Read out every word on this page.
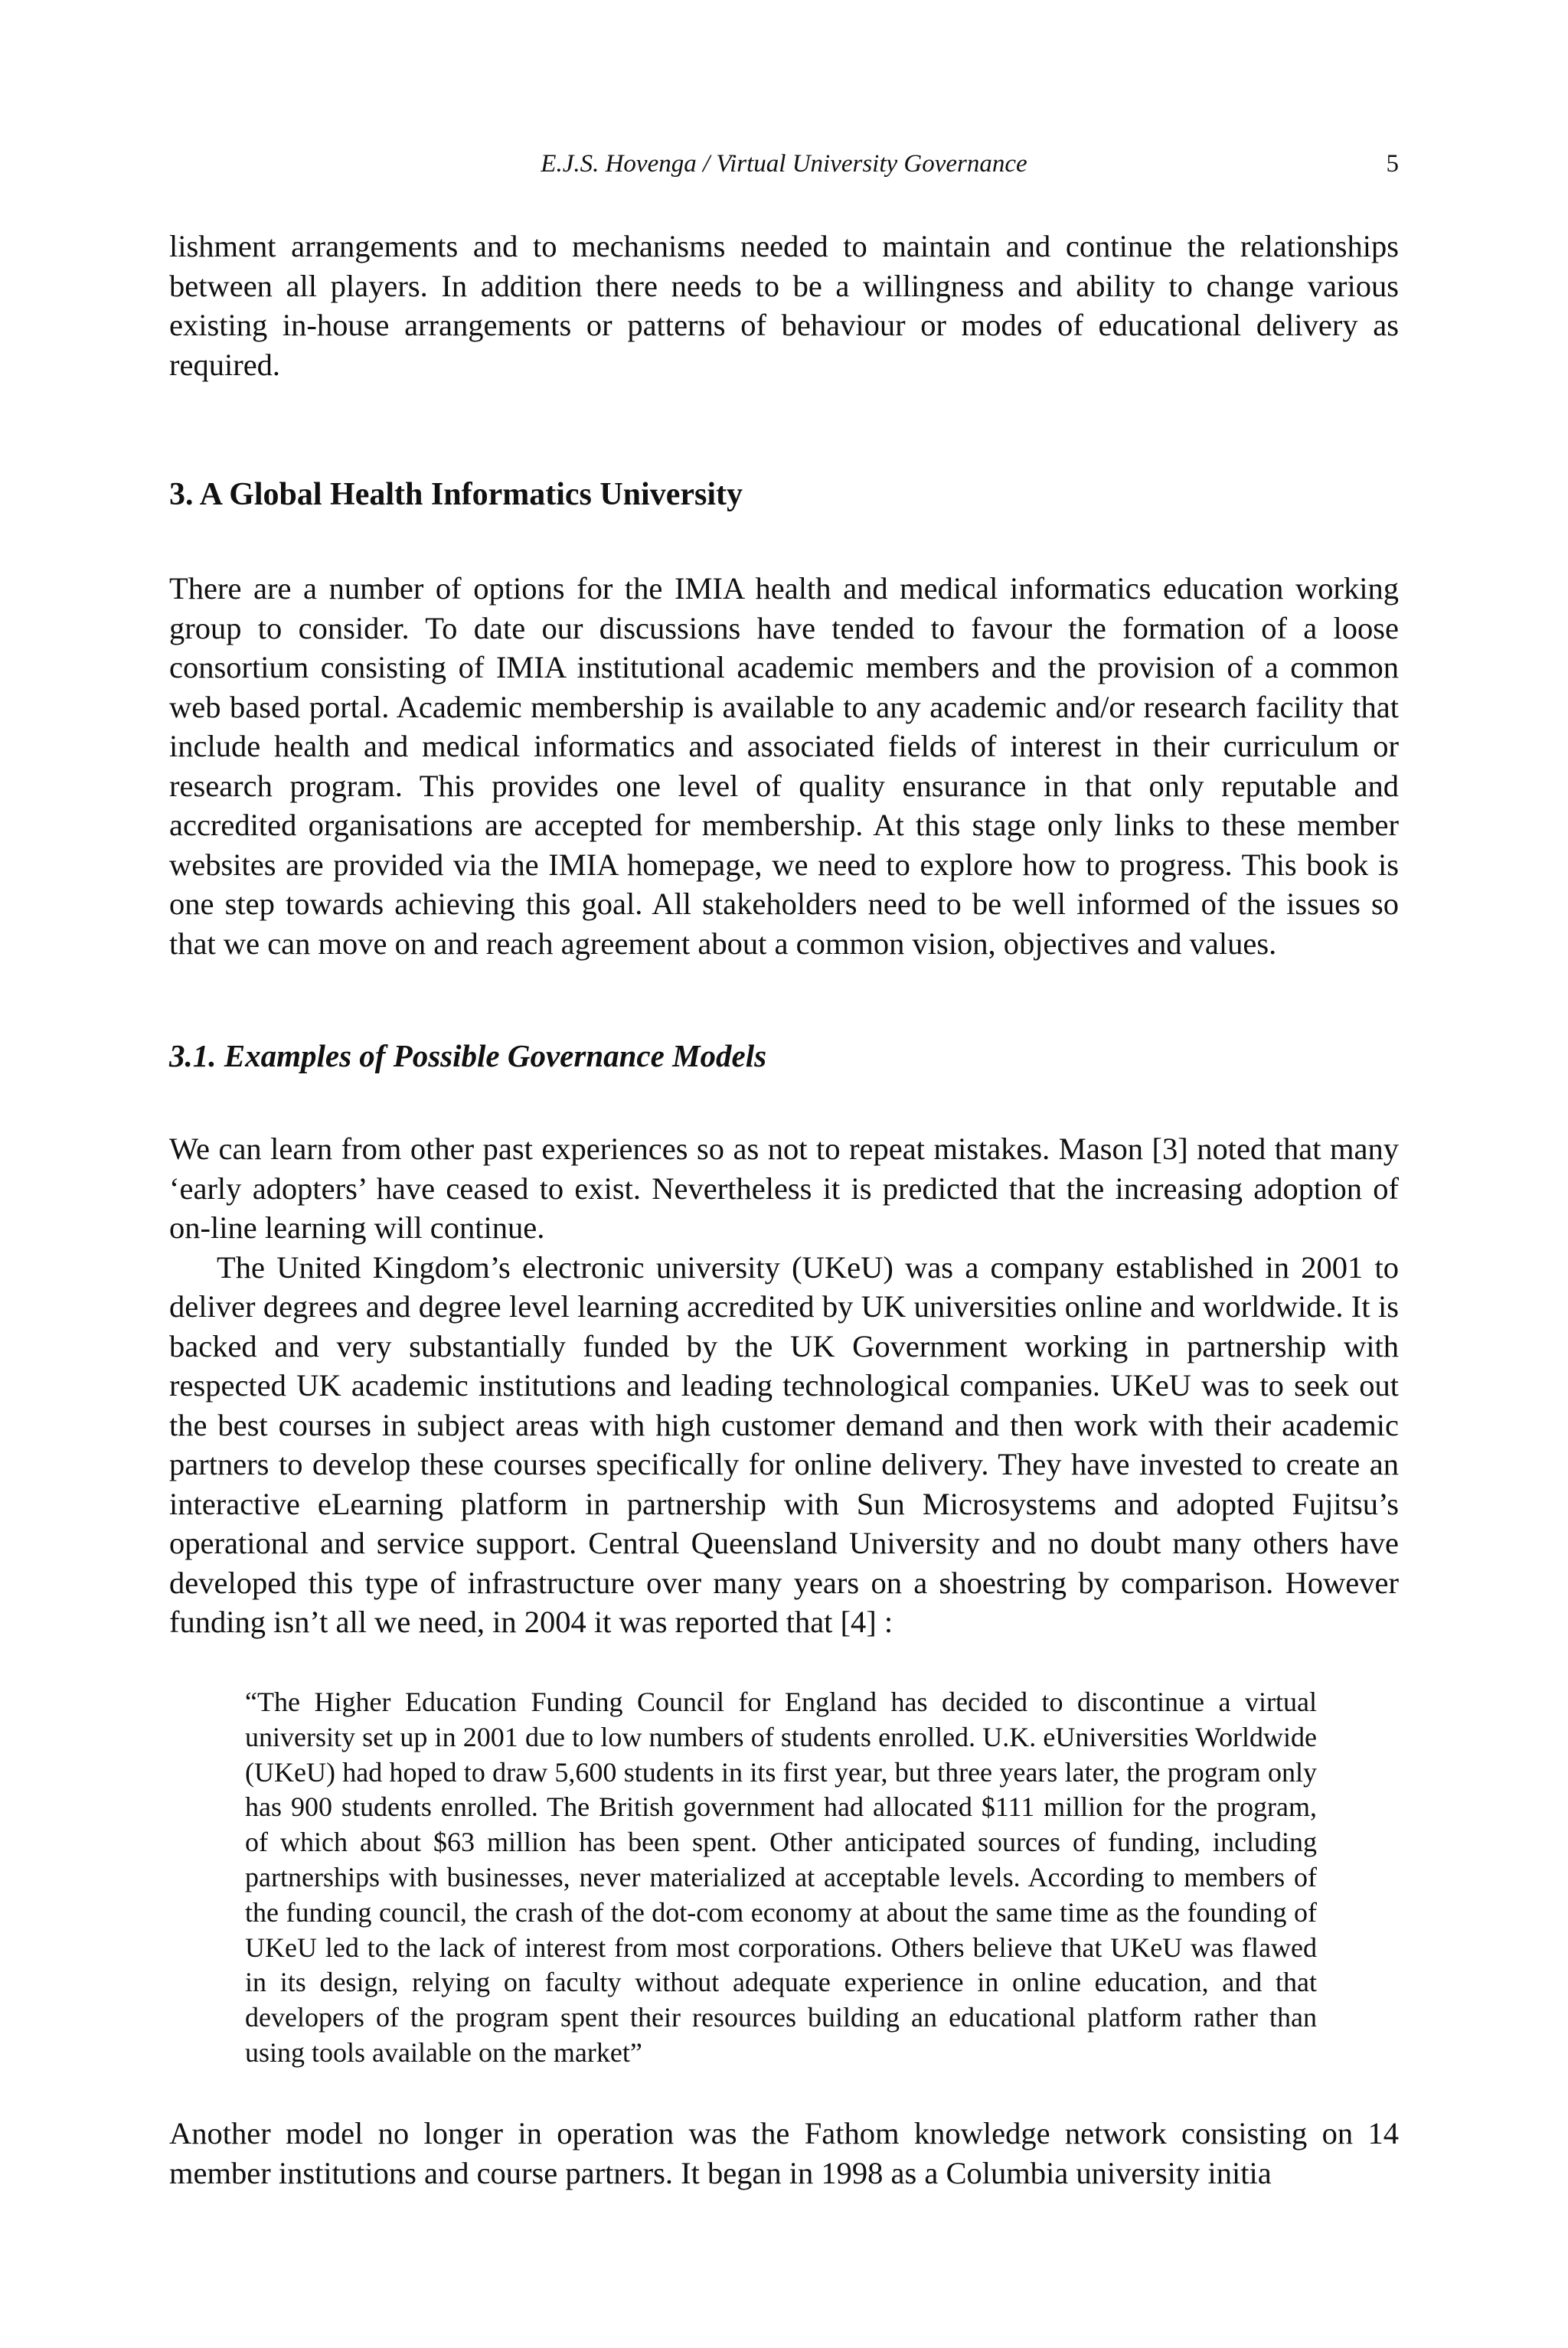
E.J.S. Hovenga / Virtual University Governance	5

lishment arrangements and to mechanisms needed to maintain and continue the relationships between all players. In addition there needs to be a willingness and ability to change various existing in-house arrangements or patterns of behaviour or modes of educational delivery as required.

3. A Global Health Informatics University

There are a number of options for the IMIA health and medical informatics education working group to consider. To date our discussions have tended to favour the formation of a loose consortium consisting of IMIA institutional academic members and the provision of a common web based portal. Academic membership is available to any academic and/or research facility that include health and medical informatics and associated fields of interest in their curriculum or research program. This provides one level of quality ensurance in that only reputable and accredited organisations are accepted for membership. At this stage only links to these member websites are provided via the IMIA homepage, we need to explore how to progress. This book is one step towards achieving this goal. All stakeholders need to be well informed of the issues so that we can move on and reach agreement about a common vision, objectives and values.

3.1. Examples of Possible Governance Models

We can learn from other past experiences so as not to repeat mistakes. Mason [3] noted that many ‘early adopters’ have ceased to exist. Nevertheless it is predicted that the increasing adoption of on-line learning will continue.

The United Kingdom’s electronic university (UKeU) was a company established in 2001 to deliver degrees and degree level learning accredited by UK universities online and worldwide. It is backed and very substantially funded by the UK Government working in partnership with respected UK academic institutions and leading technological companies. UKeU was to seek out the best courses in subject areas with high customer demand and then work with their academic partners to develop these courses specifically for online delivery. They have invested to create an interactive eLearning platform in partnership with Sun Microsystems and adopted Fujitsu’s operational and service support. Central Queensland University and no doubt many others have developed this type of infrastructure over many years on a shoestring by comparison. However funding isn’t all we need, in 2004 it was reported that [4] :

“The Higher Education Funding Council for England has decided to discontinue a virtual university set up in 2001 due to low numbers of students enrolled. U.K. eUniversities Worldwide (UKeU) had hoped to draw 5,600 students in its first year, but three years later, the program only has 900 students enrolled. The British government had allocated $111 million for the program, of which about $63 million has been spent. Other anticipated sources of funding, including partnerships with businesses, never materialized at acceptable levels. According to members of the funding council, the crash of the dot-com economy at about the same time as the founding of UKeU led to the lack of interest from most corporations. Others believe that UKeU was flawed in its design, relying on faculty without adequate experience in online education, and that developers of the program spent their resources building an educational platform rather than using tools available on the market”

Another model no longer in operation was the Fathom knowledge network consisting on 14 member institutions and course partners. It began in 1998 as a Columbia university initia
